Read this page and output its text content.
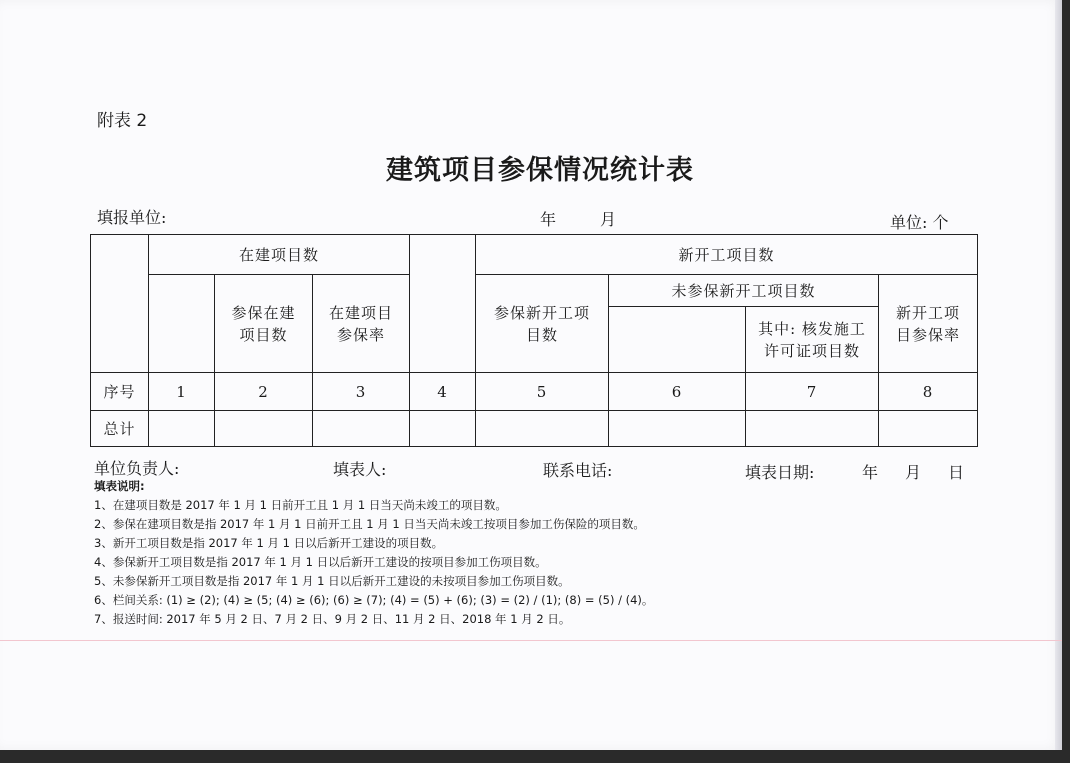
附表 2
建筑项目参保情况统计表
填报单位:	年	月	单位: 个
	在建项目数				新开工项目数			

		参保在建项目数	在建项目参保率		参保新开工项目数	未参保新开工项目数		新开工项目参保率

							其中: 核发施工许可证项目数	

序号	1	2	3	4	5	6	7	8
总计								
单位负责人:	填表人:	联系电话:	填表日期:	年 月 日
填表说明:
1、在建项目数是 2017 年 1 月 1 日前开工且 1 月 1 日当天尚未竣工的项目数。
2、参保在建项目数是指 2017 年 1 月 1 日前开工且 1 月 1 日当天尚未竣工按项目参加工伤保险的项目数。
3、新开工项目数是指 2017 年 1 月 1 日以后新开工建设的项目数。
4、参保新开工项目数是指 2017 年 1 月 1 日以后新开工建设的按项目参加工伤项目数。
5、未参保新开工项目数是指 2017 年 1 月 1 日以后新开工建设的未按项目参加工伤项目数。
6、栏间关系: (1) ≥ (2); (4) ≥ (5; (4) ≥ (6); (6) ≥ (7); (4) = (5) + (6); (3) = (2) / (1); (8) = (5) / (4)。
7、报送时间: 2017 年 5 月 2 日、7 月 2 日、9 月 2 日、11 月 2 日、2018 年 1 月 2 日。
